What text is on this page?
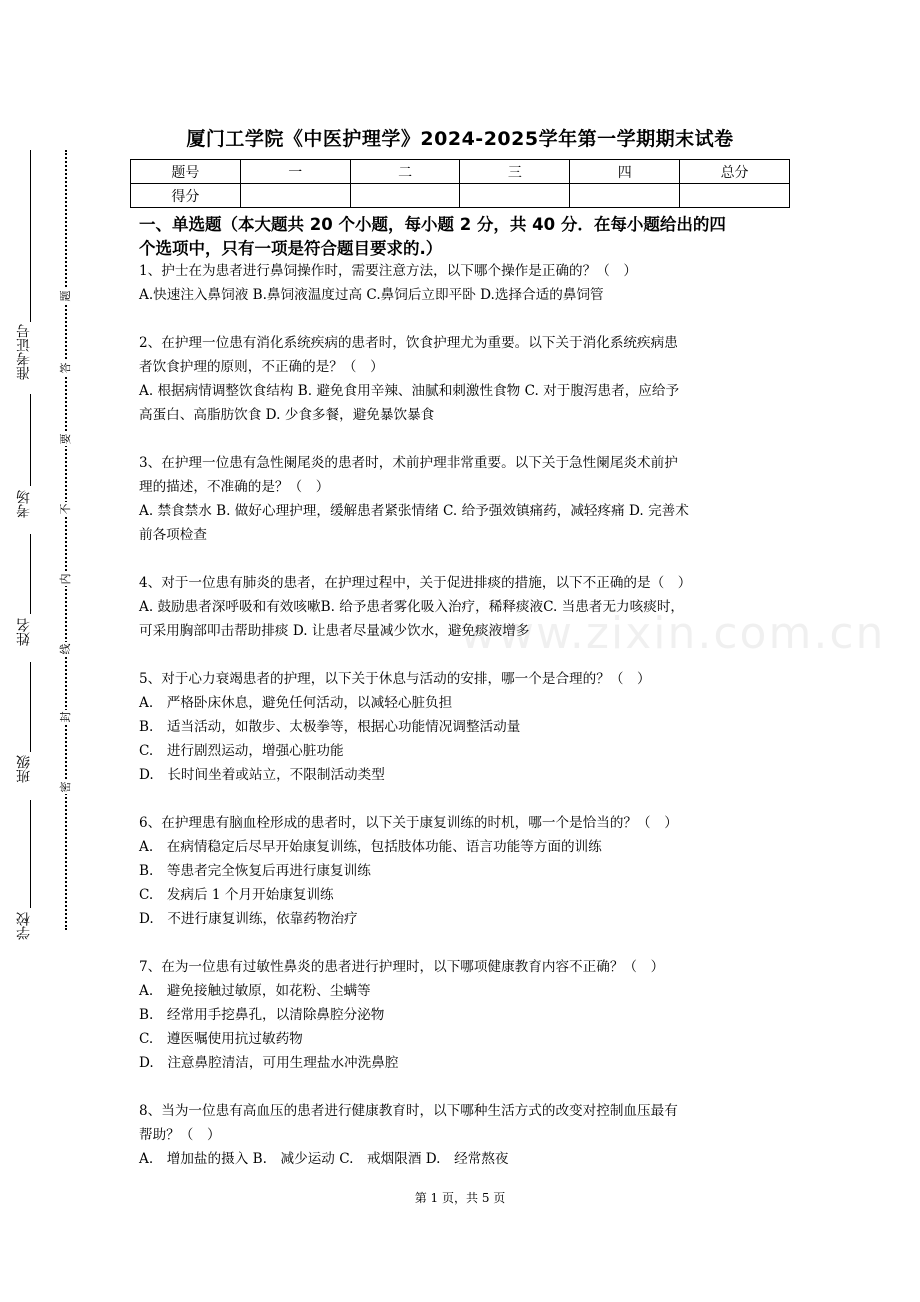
厦门工学院《中医护理学》2024-2025学年第一学期期末试卷
题号	一	二	三	四	总分
得分					
一、单选题（本大题共 20 个小题，每小题 2 分，共 40 分．在每小题给出的四
个选项中，只有一项是符合题目要求的.）
1、护士在为患者进行鼻饲操作时，需要注意方法，以下哪个操作是正确的？（　）
A.快速注入鼻饲液 B.鼻饲液温度过高 C.鼻饲后立即平卧 D.选择合适的鼻饲管
2、在护理一位患有消化系统疾病的患者时，饮食护理尤为重要。以下关于消化系统疾病患
者饮食护理的原则，不正确的是？（　）
A. 根据病情调整饮食结构 B. 避免食用辛辣、油腻和刺激性食物 C. 对于腹泻患者，应给予
高蛋白、高脂肪饮食 D. 少食多餐，避免暴饮暴食
3、在护理一位患有急性阑尾炎的患者时，术前护理非常重要。以下关于急性阑尾炎术前护
理的描述，不准确的是？（　）
A. 禁食禁水 B. 做好心理护理，缓解患者紧张情绪 C. 给予强效镇痛药，减轻疼痛 D. 完善术
前各项检查
4、对于一位患有肺炎的患者，在护理过程中，关于促进排痰的措施，以下不正确的是（　）
A. 鼓励患者深呼吸和有效咳嗽B. 给予患者雾化吸入治疗，稀释痰液C. 当患者无力咳痰时，
可采用胸部叩击帮助排痰 D. 让患者尽量减少饮水，避免痰液增多
5、对于心力衰竭患者的护理，以下关于休息与活动的安排，哪一个是合理的？（　）
A.　严格卧床休息，避免任何活动，以减轻心脏负担
B.　适当活动，如散步、太极拳等，根据心功能情况调整活动量
C.　进行剧烈运动，增强心脏功能
D.　长时间坐着或站立，不限制活动类型
6、在护理患有脑血栓形成的患者时，以下关于康复训练的时机，哪一个是恰当的？（　）
A.　在病情稳定后尽早开始康复训练，包括肢体功能、语言功能等方面的训练
B.　等患者完全恢复后再进行康复训练
C.　发病后 1 个月开始康复训练
D.　不进行康复训练，依靠药物治疗
7、在为一位患有过敏性鼻炎的患者进行护理时，以下哪项健康教育内容不正确？（　）
A.　避免接触过敏原，如花粉、尘螨等
B.　经常用手挖鼻孔，以清除鼻腔分泌物
C.　遵医嘱使用抗过敏药物
D.　注意鼻腔清洁，可用生理盐水冲洗鼻腔
8、当为一位患有高血压的患者进行健康教育时，以下哪种生活方式的改变对控制血压最有
帮助？（　）
A.　增加盐的摄入 B.　减少运动 C.　戒烟限酒 D.　经常熬夜
第 1 页，共 5 页
准考证号
考场
姓名
班级
学校
题
答
要
不
内
线
封
密
www.zixin.com.cn
